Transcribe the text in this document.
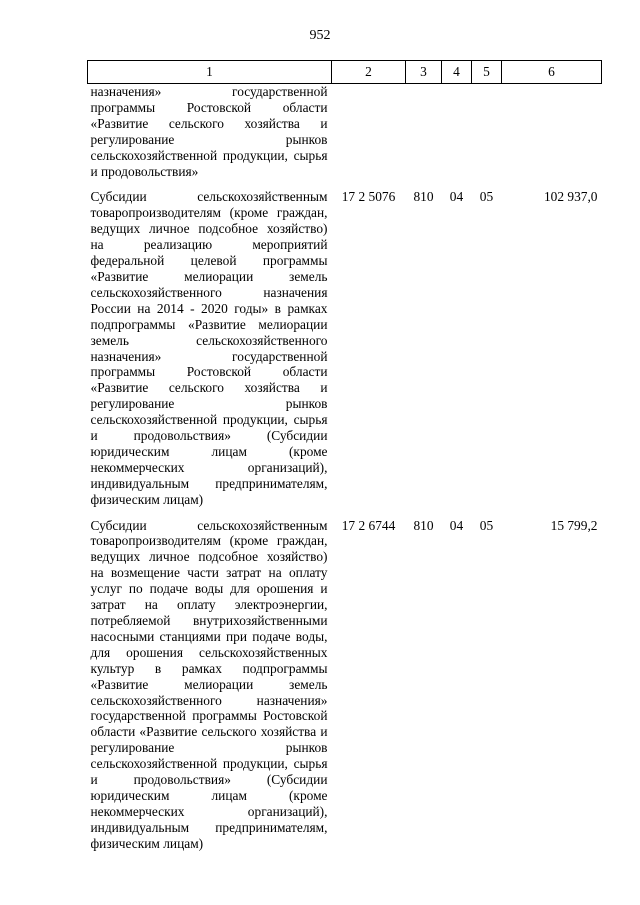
952
1	2	3	4	5	6
назначения» государственной программы Ростовской области «Развитие сельского хозяйства и регулирование рынков сельскохозяйственной продукции, сырья и продовольствия»					
Субсидии сельскохозяйственным товаропроизводителям (кроме граждан, ведущих личное подсобное хозяйство) на реализацию мероприятий федеральной целевой программы «Развитие мелиорации земель сельскохозяйственного назначения России на 2014 - 2020 годы» в рамках подпрограммы «Развитие мелиорации земель сельскохозяйственного назначения» государственной программы Ростовской области «Развитие сельского хозяйства и регулирование рынков сельскохозяйственной продукции, сырья и продовольствия» (Субсидии юридическим лицам (кроме некоммерческих организаций), индивидуальным предпринимателям, физическим лицам)	17 2 5076	810	04	05	102 937,0
Субсидии сельскохозяйственным товаропроизводителям (кроме граждан, ведущих личное подсобное хозяйство) на возмещение части затрат на оплату услуг по подаче воды для орошения и затрат на оплату электроэнергии, потребляемой внутрихозяйственными насосными станциями при подаче воды, для орошения сельскохозяйственных культур в рамках подпрограммы «Развитие мелиорации земель сельскохозяйственного назначения» государственной программы Ростовской области «Развитие сельского хозяйства и регулирование рынков сельскохозяйственной продукции, сырья и продовольствия» (Субсидии юридическим лицам (кроме некоммерческих организаций), индивидуальным предпринимателям, физическим лицам)	17 2 6744	810	04	05	15 799,2
